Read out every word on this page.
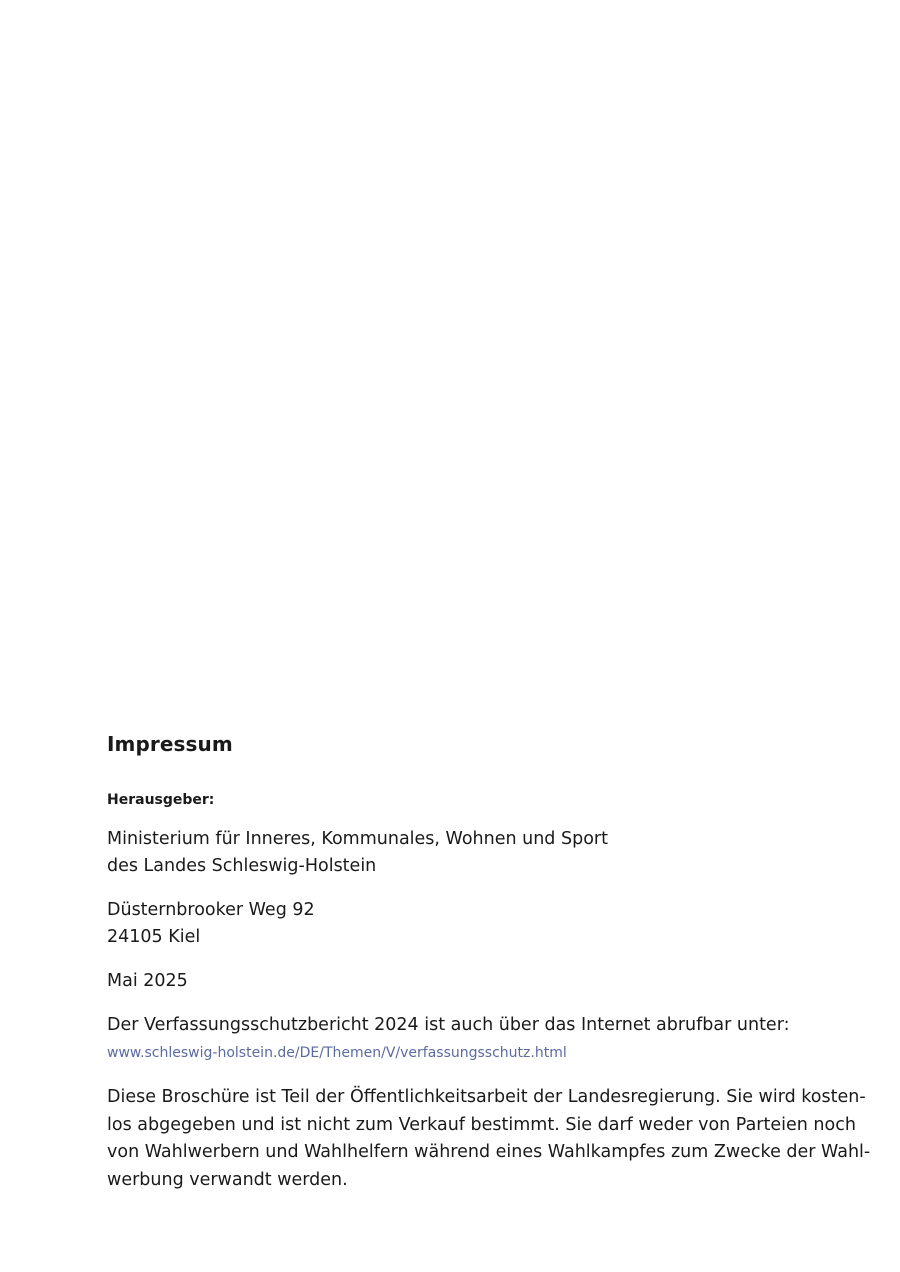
Impressum

Herausgeber:

Ministerium für Inneres, Kommunales, Wohnen und Sport
des Landes Schleswig-Holstein

Düsternbrooker Weg 92
24105 Kiel

Mai 2025

Der Verfassungsschutzbericht 2024 ist auch über das Internet abrufbar unter:

www.schleswig-holstein.de/DE/Themen/V/verfassungsschutz.html

Diese Broschüre ist Teil der Öffentlichkeitsarbeit der Landesregierung. Sie wird kosten-
los abgegeben und ist nicht zum Verkauf bestimmt. Sie darf weder von Parteien noch
von Wahlwerbern und Wahlhelfern während eines Wahlkampfes zum Zwecke der Wahl-
werbung verwandt werden.
